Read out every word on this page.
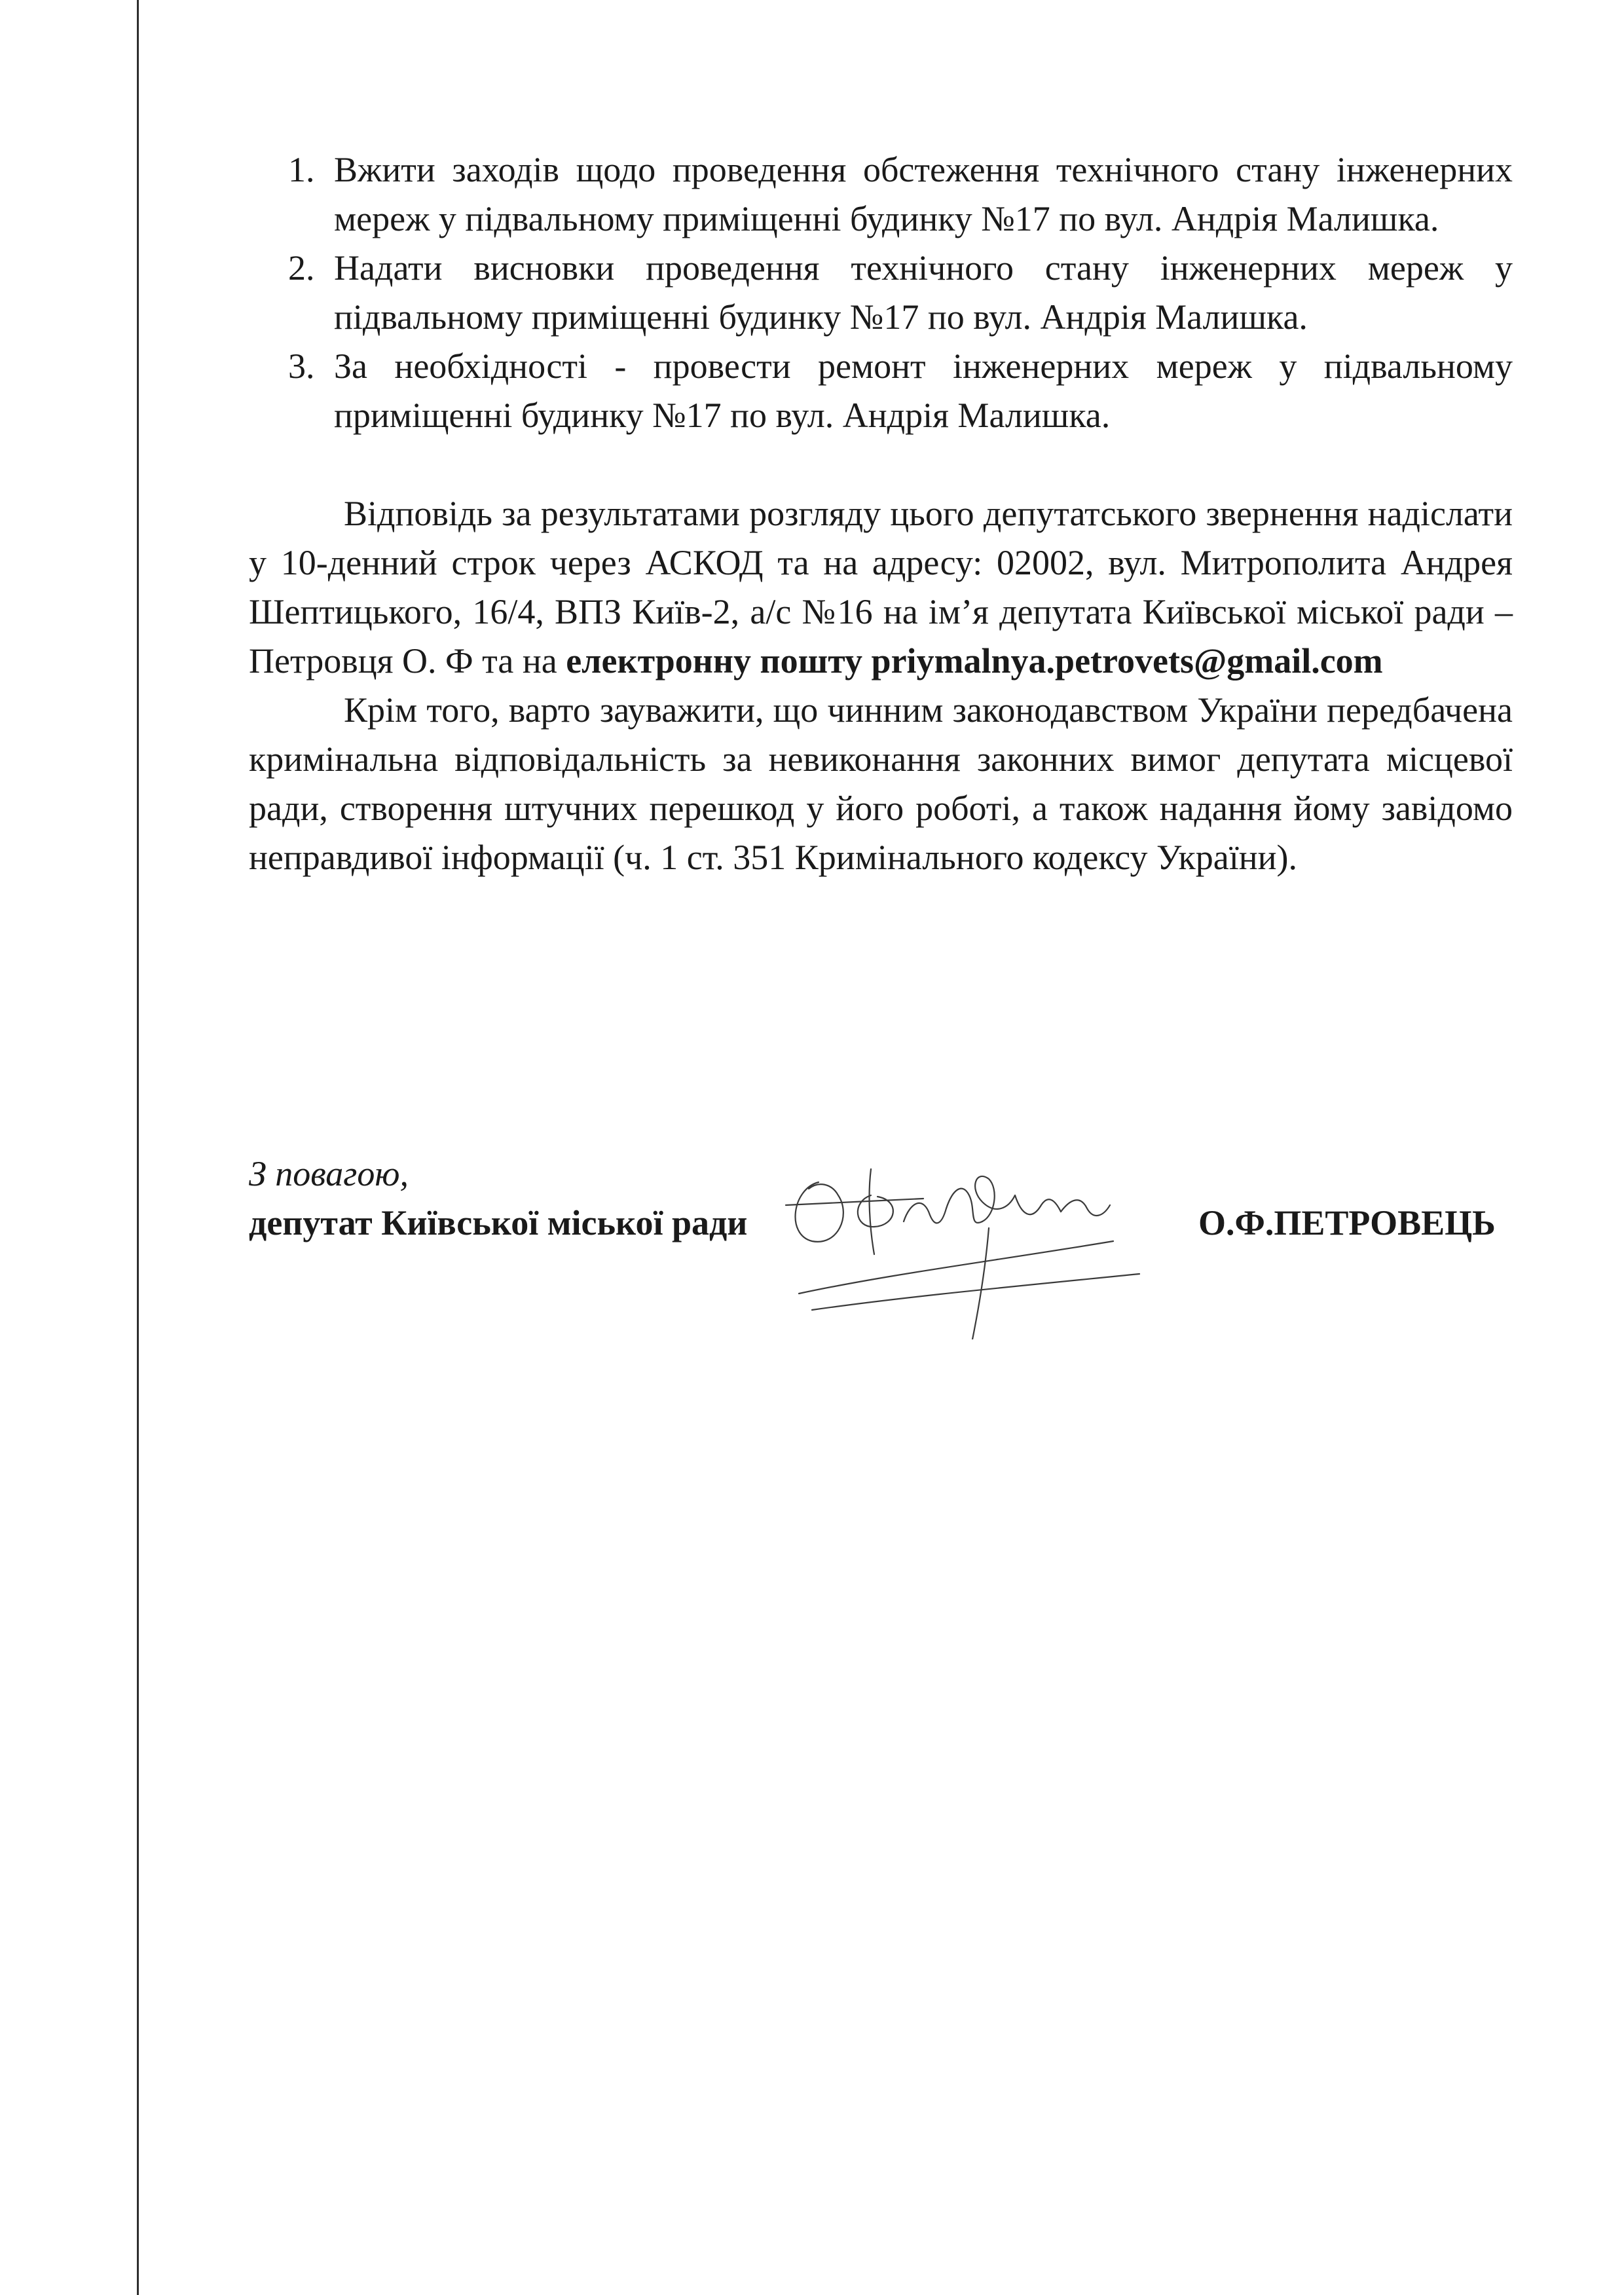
1. Вжити заходів щодо проведення обстеження технічного стану інженерних мереж у підвальному приміщенні будинку №17 по вул. Андрія Малишка.
2. Надати висновки проведення технічного стану інженерних мереж у підвальному приміщенні будинку №17 по вул. Андрія Малишка.
3. За необхідності - провести ремонт інженерних мереж у підвальному приміщенні будинку №17 по вул. Андрія Малишка.

Відповідь за результатами розгляду цього депутатського звернення надіслати у 10-денний строк через АСКОД та на адресу: 02002, вул. Митрополита Андрея Шептицького, 16/4, ВПЗ Київ-2, а/с №16 на ім’я депутата Київської міської ради – Петровця О. Ф та на електронну пошту priymalnya.petrovets@gmail.com

Крім того, варто зауважити, що чинним законодавством України передбачена кримінальна відповідальність за невиконання законних вимог депутата місцевої ради, створення штучних перешкод у його роботі, а також надання йому завідомо неправдивої інформації (ч. 1 ст. 351 Кримінального кодексу України).

З повагою,
депутат Київської міської ради	О.Ф.ПЕТРОВЕЦЬ
